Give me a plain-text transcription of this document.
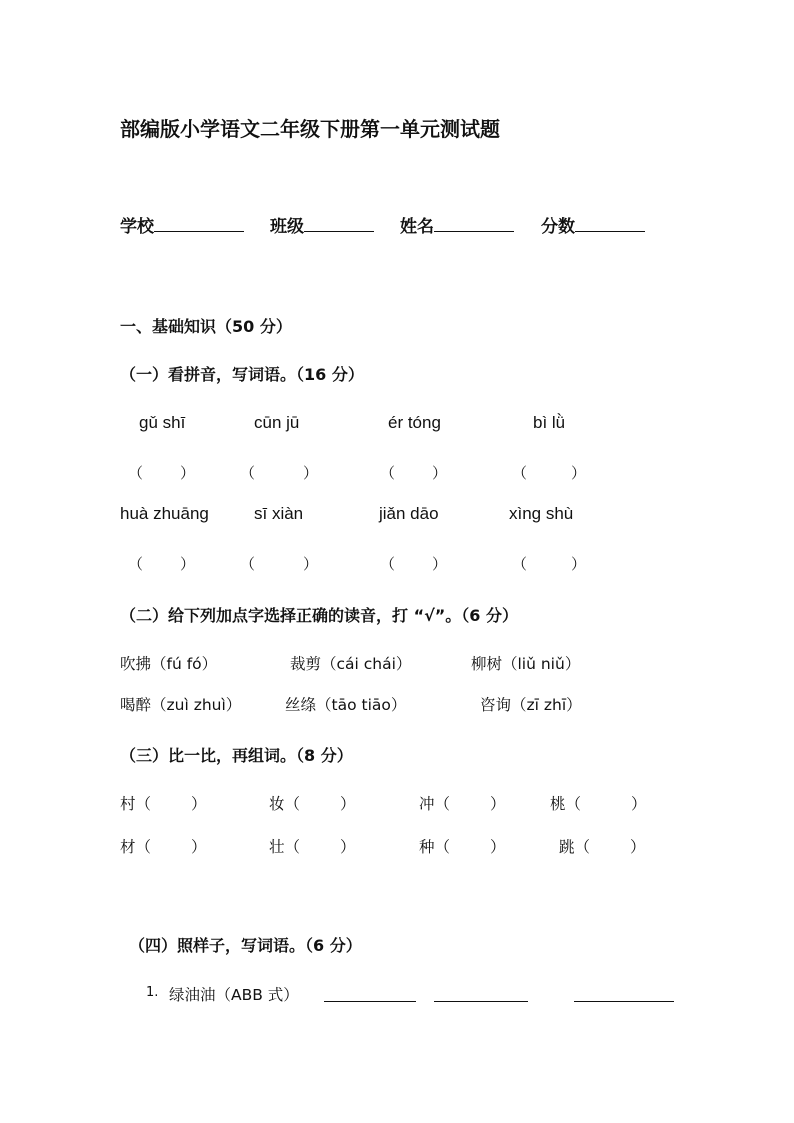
部编版小学语文二年级下册第一单元测试题
学校	班级	姓名	分数
一、基础知识（50 分）
（一）看拼音，写词语。（16 分）
gǔ shī	cūn jū	ér tóng	bì lǜ
（ ）	（	）	（ ）	（	）
huà zhuāng	sī xiàn	jiǎn dāo	xìng shù
（ ）	（	）	（ ）	（	）
（二）给下列加点字选择正确的读音，打 “√”。（6 分）
吹拂（fú fó）	裁剪（cái chái）	柳树（liǔ niǔ）
喝醉（zuì zhuì）	丝绦（tāo tiāo）	咨询（zī zhī）
（三）比一比，再组词。（8 分）
村（	）	妆（	）	冲（	）	桃（	）
材（	）	壮（	）	种（	）	跳（	）
（四）照样子，写词语。（6 分）
1. 绿油油（ABB 式）
